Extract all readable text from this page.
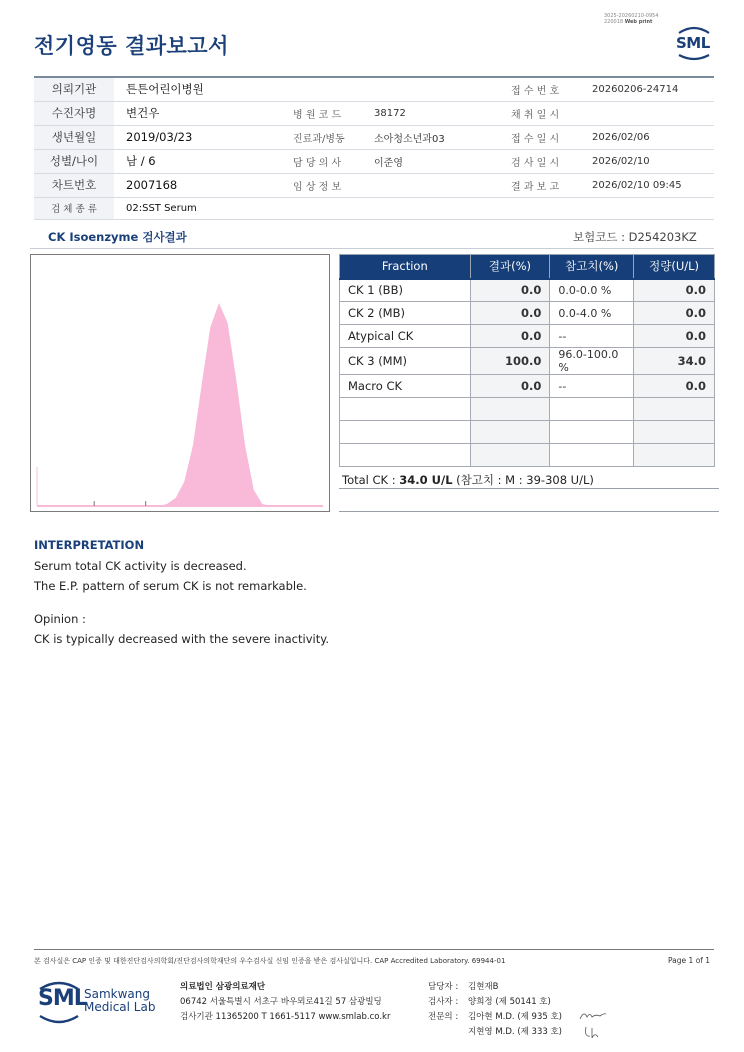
3025-20260210-0954
220018 Web print
전기영동 결과보고서	SML
의뢰기관	튼튼어린이병원			접 수 번 호	20260206-24714
수진자명	변건우	병 원 코 드	38172	채 취 일 시	
생년월일	2019/03/23	진료과/병동	소아청소년과03	접 수 일 시	2026/02/06
성별/나이	남 / 6	담 당 의 사	이준영	검 사 일 시	2026/02/10
차트번호	2007168	임 상 정 보		결 과 보 고	2026/02/10 09:45
검 체 종 류	02:SST Serum				
CK Isoenzyme 검사결과	보험코드 : D254203KZ
Fraction	결과(%)	참고치(%)	정량(U/L)
CK 1 (BB)	0.0	0.0-0.0 %	0.0
CK 2 (MB)	0.0	0.0-4.0 %	0.0
Atypical CK	0.0	--	0.0
CK 3 (MM)	100.0	96.0-100.0 %	34.0
Macro CK	0.0	--	0.0

Total CK : 34.0 U/L (참고치 : M : 39-308 U/L)
INTERPRETATION
Serum total CK activity is decreased.
The E.P. pattern of serum CK is not remarkable.
Opinion :
CK is typically decreased with the severe inactivity.
본 검사실은 CAP 인증 및 대한진단검사의학회/진단검사의학재단의 우수검사실 신임 인증을 받은 검사실입니다. CAP Accredited Laboratory. 69944-01	Page 1 of 1
SML
Samkwang
Medical Lab
의료법인 삼광의료재단
06742 서울특별시 서초구 바우뫼로41길 57 삼광빌딩
검사기관 11365200 T 1661-5117 www.smlab.co.kr
담당자 :	김현재B
검사자 :	양희정 (제 50141 호)
전문의 :	김아현 M.D. (제 935 호)
지현영 M.D. (제 333 호)
